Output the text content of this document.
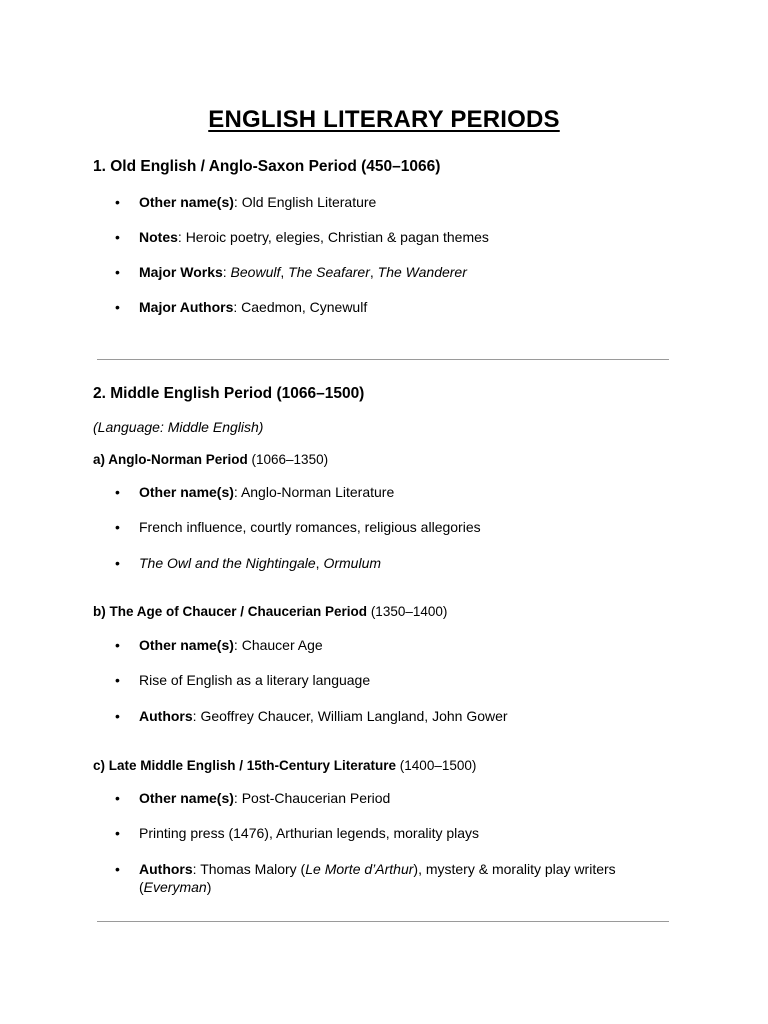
ENGLISH LITERARY PERIODS
1. Old English / Anglo-Saxon Period (450–1066)
• Other name(s): Old English Literature
• Notes: Heroic poetry, elegies, Christian & pagan themes
• Major Works: Beowulf, The Seafarer, The Wanderer
• Major Authors: Caedmon, Cynewulf
2. Middle English Period (1066–1500)

(Language: Middle English)

a) Anglo-Norman Period (1066–1350)

• Other name(s): Anglo-Norman Literature
• French influence, courtly romances, religious allegories
• The Owl and the Nightingale, Ormulum

b) The Age of Chaucer / Chaucerian Period (1350–1400)

• Other name(s): Chaucer Age
• Rise of English as a literary language
• Authors: Geoffrey Chaucer, William Langland, John Gower

c) Late Middle English / 15th-Century Literature (1400–1500)

• Other name(s): Post-Chaucerian Period
• Printing press (1476), Arthurian legends, morality plays
• Authors: Thomas Malory (Le Morte d’Arthur), mystery & morality play writers (Everyman)
